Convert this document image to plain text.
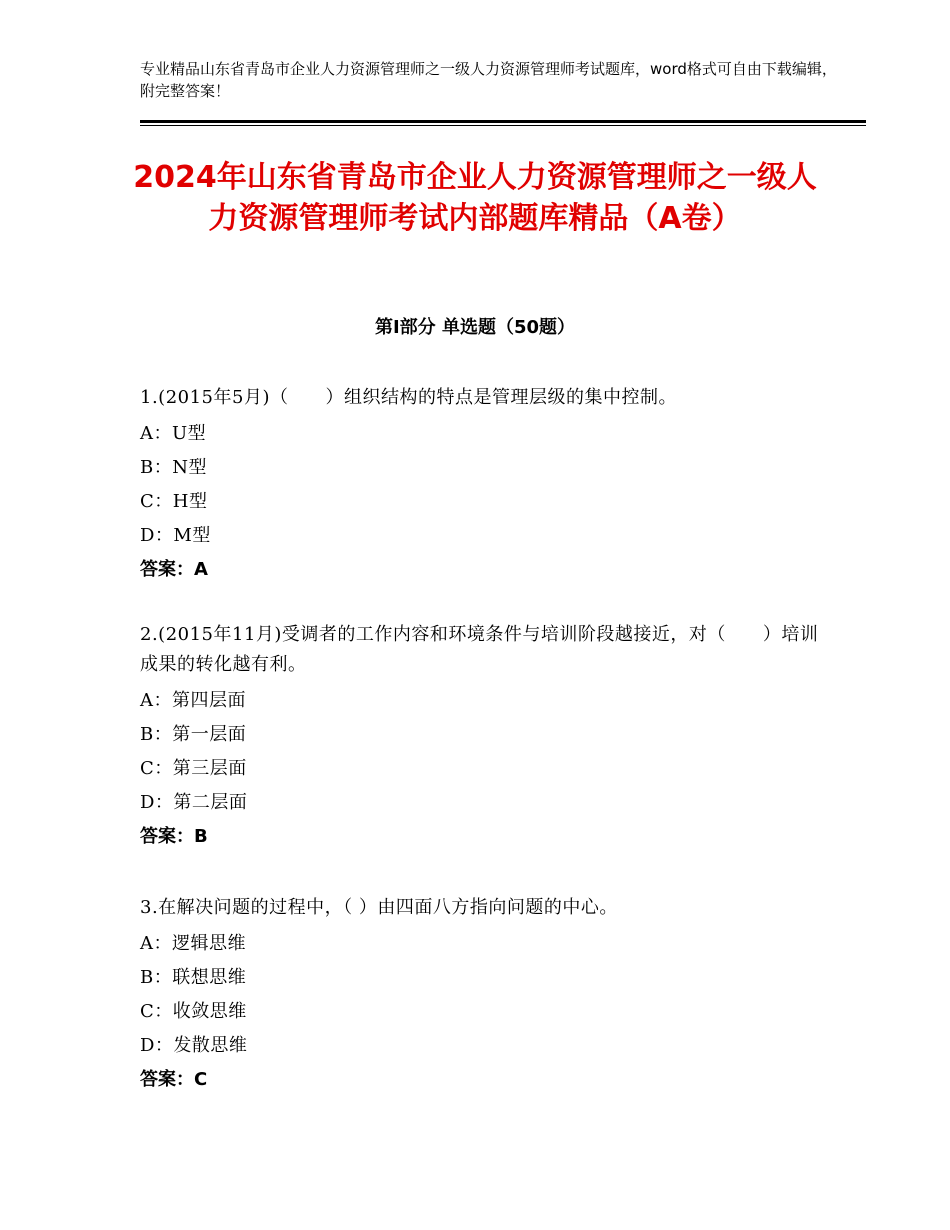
专业精品山东省青岛市企业人力资源管理师之一级人力资源管理师考试题库，word格式可自由下载编辑，附完整答案！
2024年山东省青岛市企业人力资源管理师之一级人力资源管理师考试内部题库精品（A卷）
第Ⅰ部分 单选题（50题）

1.(2015年5月)（　　）组织结构的特点是管理层级的集中控制。

A：U型

B：N型

C：H型

D：M型

答案：A

2.(2015年11月)受调者的工作内容和环境条件与培训阶段越接近，对（　　）培训成果的转化越有利。

A：第四层面

B：第一层面

C：第三层面

D：第二层面

答案：B

3.在解决问题的过程中，（ ）由四面八方指向问题的中心。

A：逻辑思维

B：联想思维

C：收敛思维

D：发散思维

答案：C
